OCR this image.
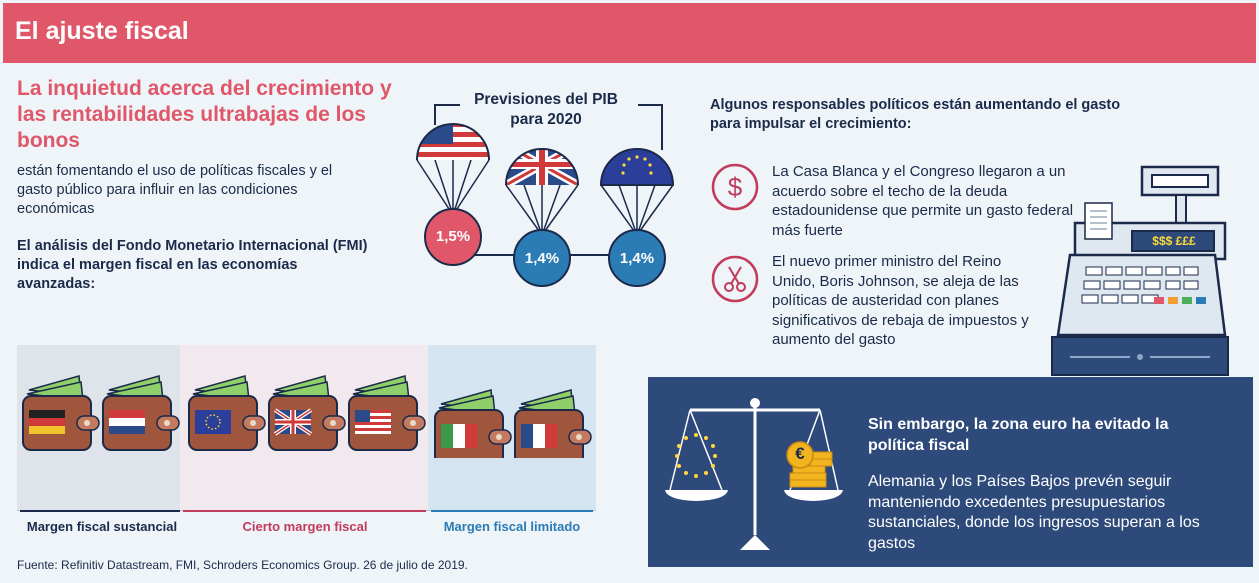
El ajuste fiscal
La inquietud acerca del crecimiento y las rentabilidades ultrabajas de los bonos
están fomentando el uso de políticas fiscales y el gasto público para influir en las condiciones económicas
El análisis del Fondo Monetario Internacional (FMI) indica el margen fiscal en las economías avanzadas:
Previsiones del PIB para 2020
1,5%
1,4%	1,4%
Algunos responsables políticos están aumentando el gasto para impulsar el crecimiento:
$
La Casa Blanca y el Congreso llegaron a un acuerdo sobre el techo de la deuda estadounidense que permite un gasto federal más fuerte
El nuevo primer ministro del Reino Unido, Boris Johnson, se aleja de las políticas de austeridad con planes significativos de rebaja de impuestos y aumento del gasto
$$$ £££
€
Sin embargo, la zona euro ha evitado la política fiscal
Alemania y los Países Bajos prevén seguir manteniendo excedentes presupuestarios sustanciales, donde los ingresos superan a los gastos
Margen fiscal sustancial	Cierto margen fiscal	Margen fiscal limitado
Fuente: Refinitiv Datastream, FMI, Schroders Economics Group. 26 de julio de 2019.
